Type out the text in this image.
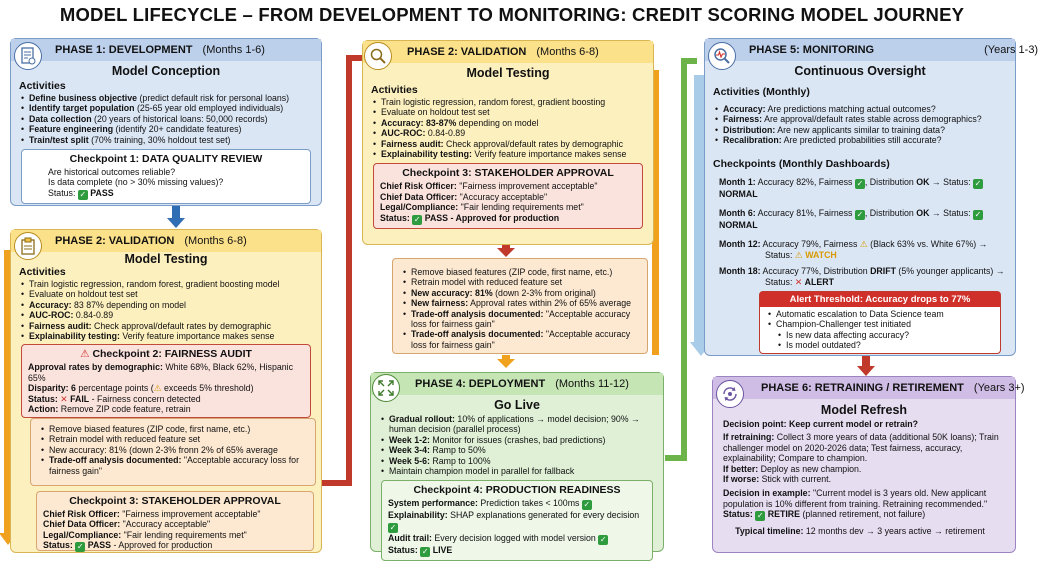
MODEL LIFECYCLE – FROM DEVELOPMENT TO MONITORING: CREDIT SCORING MODEL JOURNEY
PHASE 1: DEVELOPMENT (Months 1-6)
Model Conception
Activities
• Define business objective (predict default risk for personal loans)
• Identify target population (25-65 year old employed individuals)
• Data collection (20 years of historical loans: 50,000 records)
• Feature engineering (identify 20+ candidate features)
• Train/test split (70% training, 30% holdout test set)
Checkpoint 1: DATA QUALITY REVIEW
Are historical outcomes reliable?
Is data complete (no > 30% missing values)?
Status: ✓ PASS
PHASE 2: VALIDATION (Months 6-8)
Model Testing
Activities
• Train logistic regression, random forest, gradient boosting model
• Evaluate on holdout test set
• Accuracy: 83 87% depending on model
• AUC-ROC: 0.84-0.89
• Fairness audit: Check approval/default rates by demographic
• Explainability testing: Verify feature importance makes sense
⚠ Checkpoint 2: FAIRNESS AUDIT
Approval rates by demographic: White 68%, Black 62%, Hispanic 65%
Disparity: 6 percentage points (⚠ exceeds 5% threshold)
Status: ✕ FAIL - Fairness concern detected
Action: Remove ZIP code feature, retrain
• Remove biased features (ZIP code, first name, etc.)
• Retrain model with reduced feature set
• New accuracy: 81% (down 2-3% fronn 2% of 65% average
• Trade-off analysis documented: "Acceptable accuracy loss for fairness gain"
Checkpoint 3: STAKEHOLDER APPROVAL
Chief Risk Officer: "Fairness improvement acceptable"
Chief Data Officer: "Accuracy acceptable"
Legal/Compliance: "Fair lending requirements met"
Status: ✓ PASS - Approved for production
PHASE 2: VALIDATION (Months 6-8)
Model Testing
Activities
• Train logistic regression, random forest, gradient boosting
• Evaluate on holdout test set
• Accuracy: 83-87% depending on model
• AUC-ROC: 0.84-0.89
• Fairness audit: Check approval/default rates by demographic
• Explainability testing: Verify feature importance makes sense
Checkpoint 3: STAKEHOLDER APPROVAL
Chief Risk Officer: "Fairness improvement acceptable"
Chief Data Officer: "Accuracy acceptable"
Legal/Compliance: "Fair lending requirements met"
Status: ✓ PASS - Approved for production
• Remove biased features (ZIP code, first name, etc.)
• Retrain model with reduced feature set
• New accuracy: 81% (down 2-3% from original)
• New fairness: Approval rates within 2% of 65% average
• Trade-off analysis documented: "Acceptable accuracy loss for fairness gain"
• Trade-off analysis documented: "Acceptable accuracy loss for fairness gain"
PHASE 4: DEPLOYMENT (Months 11-12)
Go Live
• Gradual rollout: 10% of applications → model decision; 90% → human decision (parallel process)
• Week 1-2: Monitor for issues (crashes, bad predictions)
• Week 3-4: Ramp to 50%
• Week 5-6: Ramp to 100%
• Maintain champion model in parallel for fallback
Checkpoint 4: PRODUCTION READINESS
System performance: Prediction takes < 100ms ✓
Explainability: SHAP explanations generated for every decision ✓
Audit trail: Every decision logged with model version ✓
Status: ✓ LIVE
PHASE 5: MONITORING	(Years 1-3)
Continuous Oversight
Activities (Monthly)
• Accuracy: Are predictions matching actual outcomes?
• Fairness: Are approval/default rates stable across demographics?
• Distribution: Are new applicants similar to training data?
• Recalibration: Are predicted probabilities still accurate?
Checkpoints (Monthly Dashboards)
Month 1: Accuracy 82%, Fairness ✓ , Distribution OK → Status: ✓ NORMAL
Month 6: Accuracy 81%, Fairness ✓ , Distribution OK → Status: ✓ NORMAL
Month 12: Accuracy 79%, Fairness ⚠ (Black 63% vs. White 67%) →
Status: ⚠ WATCH
Month 18: Accuracy 77%, Distribution DRIFT (5% younger applicants) →
Status: ✕ ALERT
Alert Threshold: Accuracy drops to 77%
• Automatic escalation to Data Science team
• Champion-Challenger test initiated
• Is new data affecting accuracy?
• Is model outdated?
PHASE 6: RETRAINING / RETIREMENT (Years 3+)
Model Refresh
Decision point: Keep current model or retrain?
If retraining: Collect 3 more years of data (additional 50K loans); Train challenger model on 2020-2026 data; Test fairness, accuracy, explainability; Compare to champion.
If better: Deploy as new champion.
If worse: Stick with current.
Decision in example: "Current model is 3 years old. New applicant population is 10% different from training. Retraining recommended."
Status: ✓ RETIRE (planned retirement, not failure)
Typical timeline: 12 months dev → 3 years active → retirement
